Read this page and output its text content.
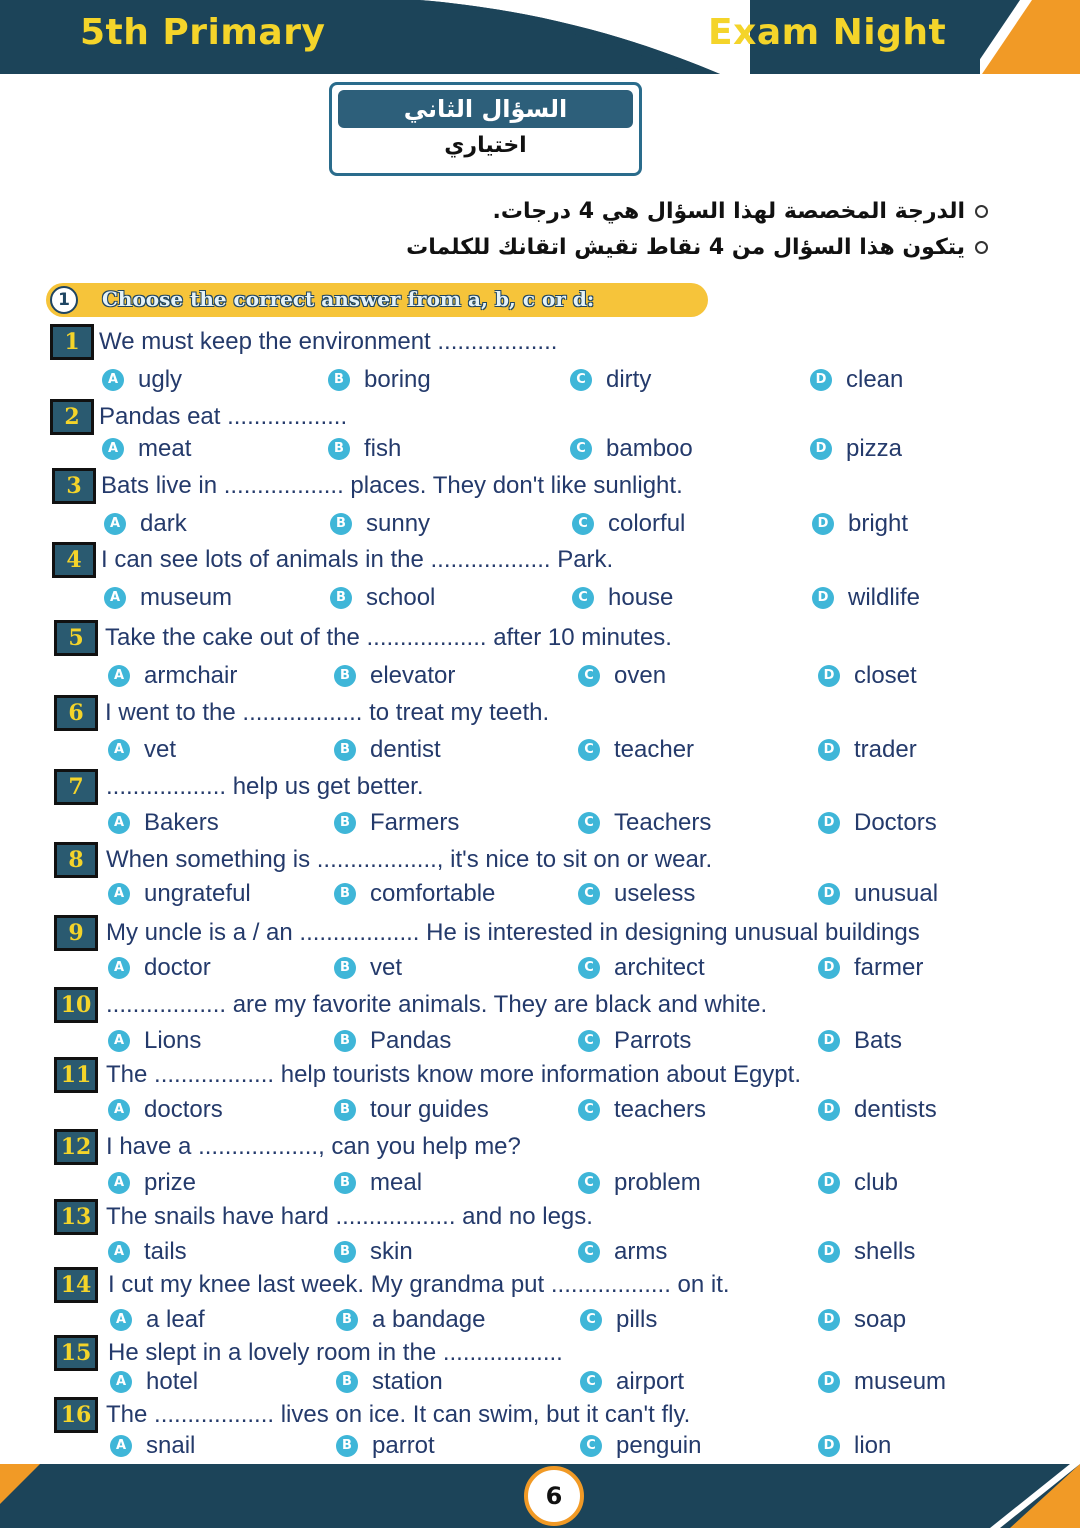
5th Primary	Exam Night
السؤال الثاني
اختياري
الدرجة المخصصة لهذا السؤال هي 4 درجات.
يتكون هذا السؤال من 4 نقاط تقيش اتقانك للكلمات
1	Choose the correct answer from a, b, c or d:
1 We must keep the environment ..................
A ugly	B boring	C dirty	D clean
2 Pandas eat ..................
A meat	B fish	C bamboo	D pizza
3 Bats live in .................. places. They don't like sunlight.
A dark	B sunny	C colorful	D bright
4 I can see lots of animals in the .................. Park.
A museum	B school	C house	D wildlife
5 Take the cake out of the .................. after 10 minutes.
A armchair	B elevator	C oven	D closet
6 I went to the .................. to treat my teeth.
A vet	B dentist	C teacher	D trader
7 .................. help us get better.
A Bakers	B Farmers	C Teachers	D Doctors
8 When something is .................., it's nice to sit on or wear.
A ungrateful	B comfortable	C useless	D unusual
9 My uncle is a / an .................. He is interested in designing unusual buildings
A doctor	B vet	C architect	D farmer
10 .................. are my favorite animals. They are black and white.
A Lions	B Pandas	C Parrots	D Bats
11 The .................. help tourists know more information about Egypt.
A doctors	B tour guides	C teachers	D dentists
12 I have a .................., can you help me?
A prize	B meal	C problem	D club
13 The snails have hard .................. and no legs.
A tails	B skin	C arms	D shells
14 I cut my knee last week. My grandma put .................. on it.
A a leaf	B a bandage	C pills	D soap
15 He slept in a lovely room in the ..................
A hotel	B station	C airport	D museum
16 The .................. lives on ice. It can swim, but it can't fly.
A snail	B parrot	C penguin	D lion
6
